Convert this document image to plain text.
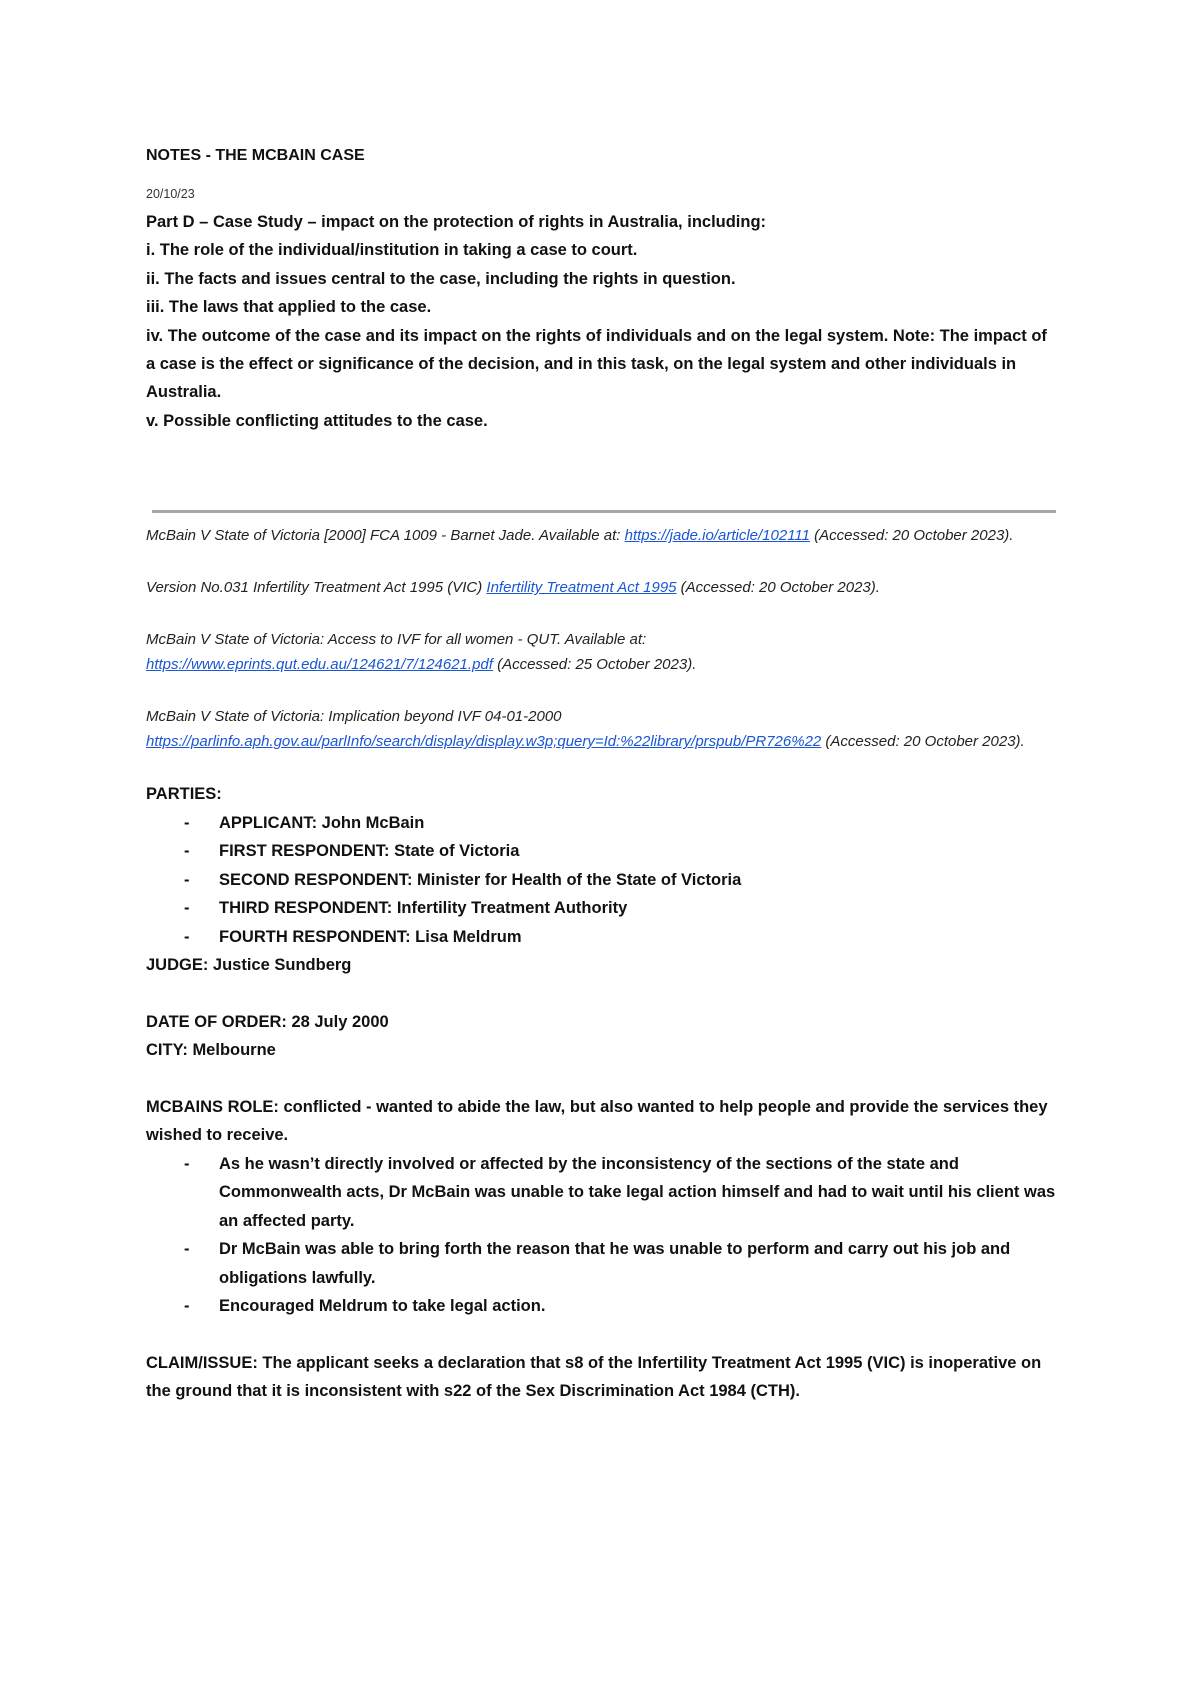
NOTES - THE MCBAIN CASE
20/10/23
Part D – Case Study – impact on the protection of rights in Australia, including:
i. The role of the individual/institution in taking a case to court.
ii. The facts and issues central to the case, including the rights in question.
iii. The laws that applied to the case.
iv. The outcome of the case and its impact on the rights of individuals and on the legal system. Note: The impact of
a case is the effect or significance of the decision, and in this task, on the legal system and other individuals in Australia.
v. Possible conflicting attitudes to the case.
McBain V State of Victoria [2000] FCA 1009 - Barnet Jade. Available at: https://jade.io/article/102111 (Accessed: 20 October 2023).
Version No.031 Infertility Treatment Act 1995 (VIC) Infertility Treatment Act 1995 (Accessed: 20 October 2023).
McBain V State of Victoria: Access to IVF for all women - QUT. Available at:
https://www.eprints.qut.edu.au/124621/7/124621.pdf (Accessed: 25 October 2023).
McBain V State of Victoria: Implication beyond IVF 04-01-2000
https://parlinfo.aph.gov.au/parlInfo/search/display/display.w3p;query=Id:%22library/prspub/PR726%22 (Accessed: 20 October 2023).
PARTIES:
- APPLICANT: John McBain
- FIRST RESPONDENT: State of Victoria
- SECOND RESPONDENT: Minister for Health of the State of Victoria
- THIRD RESPONDENT: Infertility Treatment Authority
- FOURTH RESPONDENT: Lisa Meldrum
JUDGE: Justice Sundberg
DATE OF ORDER: 28 July 2000
CITY: Melbourne
MCBAINS ROLE: conflicted - wanted to abide the law, but also wanted to help people and provide the services they wished to receive.
- As he wasn’t directly involved or affected by the inconsistency of the sections of the state and Commonwealth acts, Dr McBain was unable to take legal action himself and had to wait until his client was an affected party.
- Dr McBain was able to bring forth the reason that he was unable to perform and carry out his job and obligations lawfully.
- Encouraged Meldrum to take legal action.
CLAIM/ISSUE: The applicant seeks a declaration that s8 of the Infertility Treatment Act 1995 (VIC) is inoperative on the ground that it is inconsistent with s22 of the Sex Discrimination Act 1984 (CTH).
